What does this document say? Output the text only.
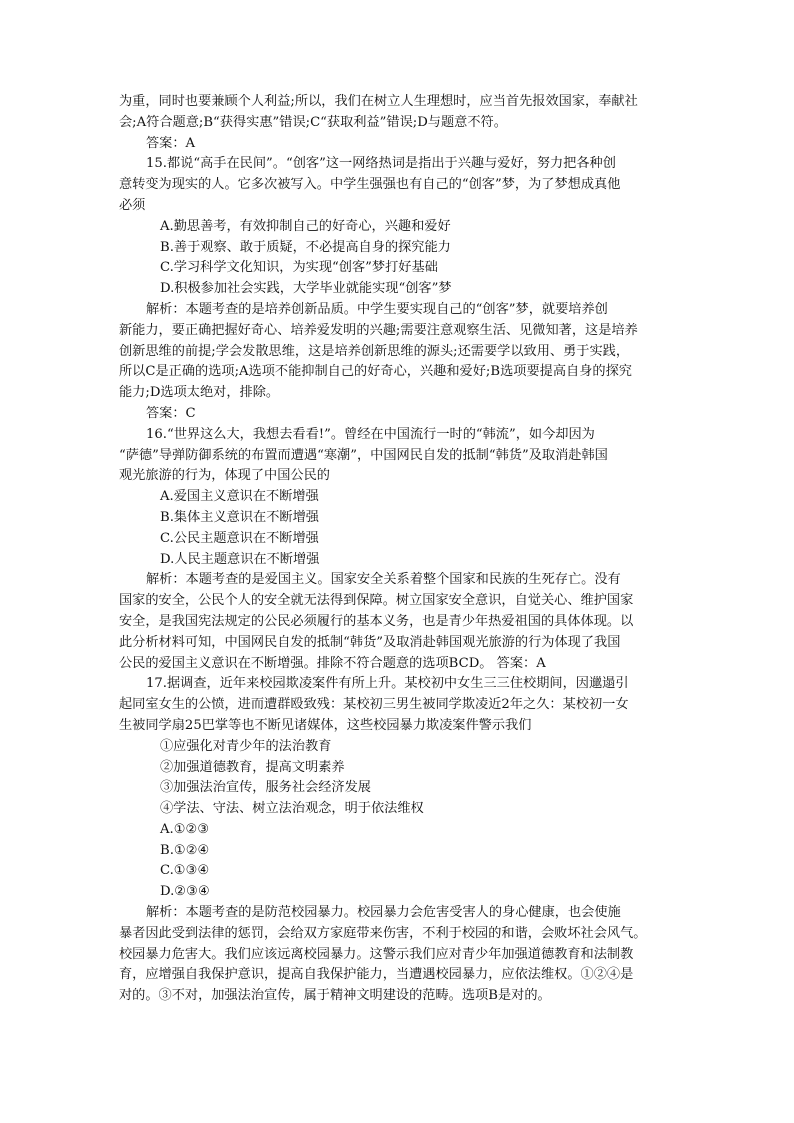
为重，同时也要兼顾个人利益;所以，我们在树立人生理想时，应当首先报效国家，奉献社
会;A符合题意;B“获得实惠”错误;C“获取利益”错误;D与题意不符。
答案：A
15.都说“高手在民间”。“创客”这一网络热词是指出于兴趣与爱好，努力把各种创
意转变为现实的人。它多次被写入。中学生强强也有自己的“创客”梦，为了梦想成真他
必须
A.勤思善考，有效抑制自己的好奇心，兴趣和爱好
B.善于观察、敢于质疑，不必提高自身的探究能力
C.学习科学文化知识，为实现“创客”梦打好基础
D.积极参加社会实践，大学毕业就能实现“创客”梦
解析：本题考查的是培养创新品质。中学生要实现自己的“创客”梦，就要培养创
新能力，要正确把握好奇心、培养爱发明的兴趣;需要注意观察生活、见微知著，这是培养
创新思维的前提;学会发散思维，这是培养创新思维的源头;还需要学以致用、勇于实践，
所以C是正确的选项;A选项不能抑制自己的好奇心，兴趣和爱好;B选项要提高自身的探究
能力;D选项太绝对，排除。
答案：C
16.“世界这么大，我想去看看!”。曾经在中国流行一时的“韩流”，如今却因为
“萨德”导弹防御系统的布置而遭遇“寒潮”，中国网民自发的抵制“韩货”及取消赴韩国
观光旅游的行为，体现了中国公民的
A.爱国主义意识在不断增强
B.集体主义意识在不断增强
C.公民主题意识在不断增强
D.人民主题意识在不断增强
解析：本题考查的是爱国主义。国家安全关系着整个国家和民族的生死存亡。没有
国家的安全，公民个人的安全就无法得到保障。树立国家安全意识，自觉关心、维护国家
安全，是我国宪法规定的公民必须履行的基本义务，也是青少年热爱祖国的具体体现。以
此分析材料可知，中国网民自发的抵制“韩货”及取消赴韩国观光旅游的行为体现了我国
公民的爱国主义意识在不断增强。排除不符合题意的选项BCD。 答案：A
17.据调查，近年来校园欺凌案件有所上升。某校初中女生三三住校期间，因邋遢引
起同室女生的公愤，进而遭群殴致残：某校初三男生被同学欺凌近2年之久：某校初一女
生被同学扇25巴掌等也不断见诸媒体，这些校园暴力欺凌案件警示我们
①应强化对青少年的法治教育
②加强道德教育，提高文明素养
③加强法治宣传，服务社会经济发展
④学法、守法、树立法治观念，明于依法维权
A.①②③
B.①②④
C.①③④
D.②③④
解析：本题考查的是防范校园暴力。校园暴力会危害受害人的身心健康，也会使施
暴者因此受到法律的惩罚，会给双方家庭带来伤害，不利于校园的和谐，会败坏社会风气。
校园暴力危害大。我们应该远离校园暴力。这警示我们应对青少年加强道德教育和法制教
育，应增强自我保护意识，提高自我保护能力，当遭遇校园暴力，应依法维权。①②④是
对的。③不对，加强法治宣传，属于精神文明建设的范畴。选项B是对的。
